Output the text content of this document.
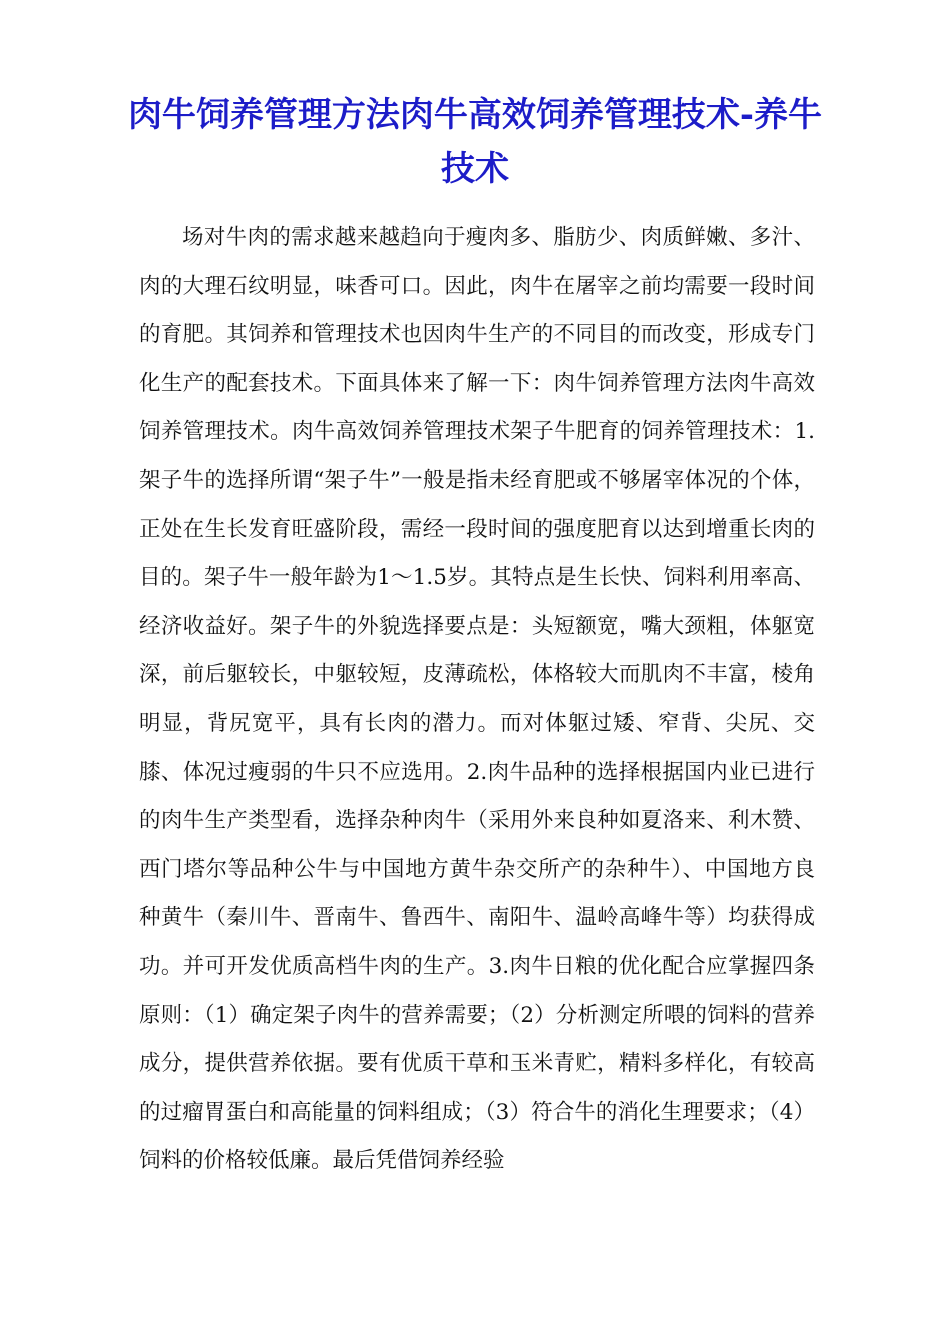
肉牛饲养管理方法肉牛高效饲养管理技术-养牛技术

场对牛肉的需求越来越趋向于瘦肉多、脂肪少、肉质鲜嫩、多汁、肉的大理石纹明显，味香可口。因此，肉牛在屠宰之前均需要一段时间的育肥。其饲养和管理技术也因肉牛生产的不同目的而改变，形成专门化生产的配套技术。下面具体来了解一下：肉牛饲养管理方法肉牛高效饲养管理技术。肉牛高效饲养管理技术架子牛肥育的饲养管理技术：1.架子牛的选择所谓“架子牛”一般是指未经育肥或不够屠宰体况的个体，正处在生长发育旺盛阶段，需经一段时间的强度肥育以达到增重长肉的目的。架子牛一般年龄为1～1.5岁。其特点是生长快、饲料利用率高、经济收益好。架子牛的外貌选择要点是：头短额宽，嘴大颈粗，体躯宽深，前后躯较长，中躯较短，皮薄疏松，体格较大而肌肉不丰富，棱角明显，背尻宽平，具有长肉的潜力。而对体躯过矮、窄背、尖尻、交膝、体况过瘦弱的牛只不应选用。2.肉牛品种的选择根据国内业已进行的肉牛生产类型看，选择杂种肉牛（采用外来良种如夏洛来、利木赞、西门塔尔等品种公牛与中国地方黄牛杂交所产的杂种牛）、中国地方良种黄牛（秦川牛、晋南牛、鲁西牛、南阳牛、温岭高峰牛等）均获得成功。并可开发优质高档牛肉的生产。3.肉牛日粮的优化配合应掌握四条原则：（1）确定架子肉牛的营养需要；（2）分析测定所喂的饲料的营养成分，提供营养依据。要有优质干草和玉米青贮，精料多样化，有较高的过瘤胃蛋白和高能量的饲料组成；（3）符合牛的消化生理要求；（4）饲料的价格较低廉。最后凭借饲养经验
